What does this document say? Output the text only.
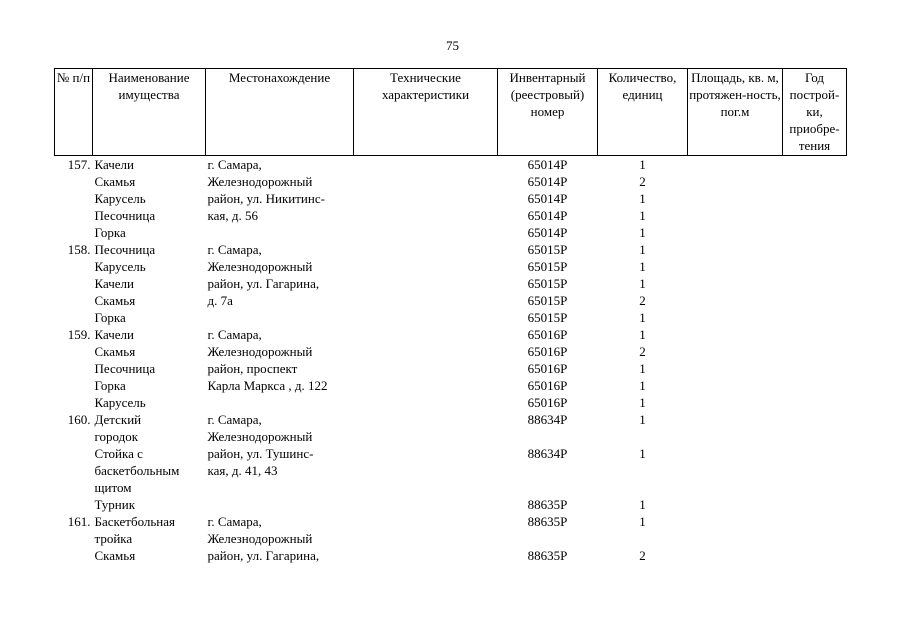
75
№ п/п	Наименование имущества	Местонахождение	Технические характеристики	Инвентарный (реестровый) номер	Количество, единиц	Площадь, кв. м, протяжен-ность, пог.м	Год построй-ки, приобре-тения
157.	Качели	г. Самара,		65014Р	1		
	Скамья	Железнодорожный		65014Р	2		
	Карусель	район, ул. Никитинс-		65014Р	1		
	Песочница	кая, д. 56		65014Р	1		
	Горка			65014Р	1		
158.	Песочница	г. Самара,		65015Р	1		
	Карусель	Железнодорожный		65015Р	1		
	Качели	район, ул. Гагарина,		65015Р	1		
	Скамья	д. 7а		65015Р	2		
	Горка			65015Р	1		
159.	Качели	г. Самара,		65016Р	1		
	Скамья	Железнодорожный		65016Р	2		
	Песочница	район, проспект		65016Р	1		
	Горка	Карла Маркса , д. 122		65016Р	1		
	Карусель			65016Р	1		
160.	Детский	г. Самара,		88634Р	1		
	городок	Железнодорожный					
	Стойка с	район, ул. Тушинс-		88634Р	1		
	баскетбольным	кая, д. 41, 43					
	щитом						
	Турник			88635Р	1		
161.	Баскетбольная	г. Самара,		88635Р	1		
	тройка	Железнодорожный					
	Скамья	район, ул. Гагарина,		88635Р	2		
